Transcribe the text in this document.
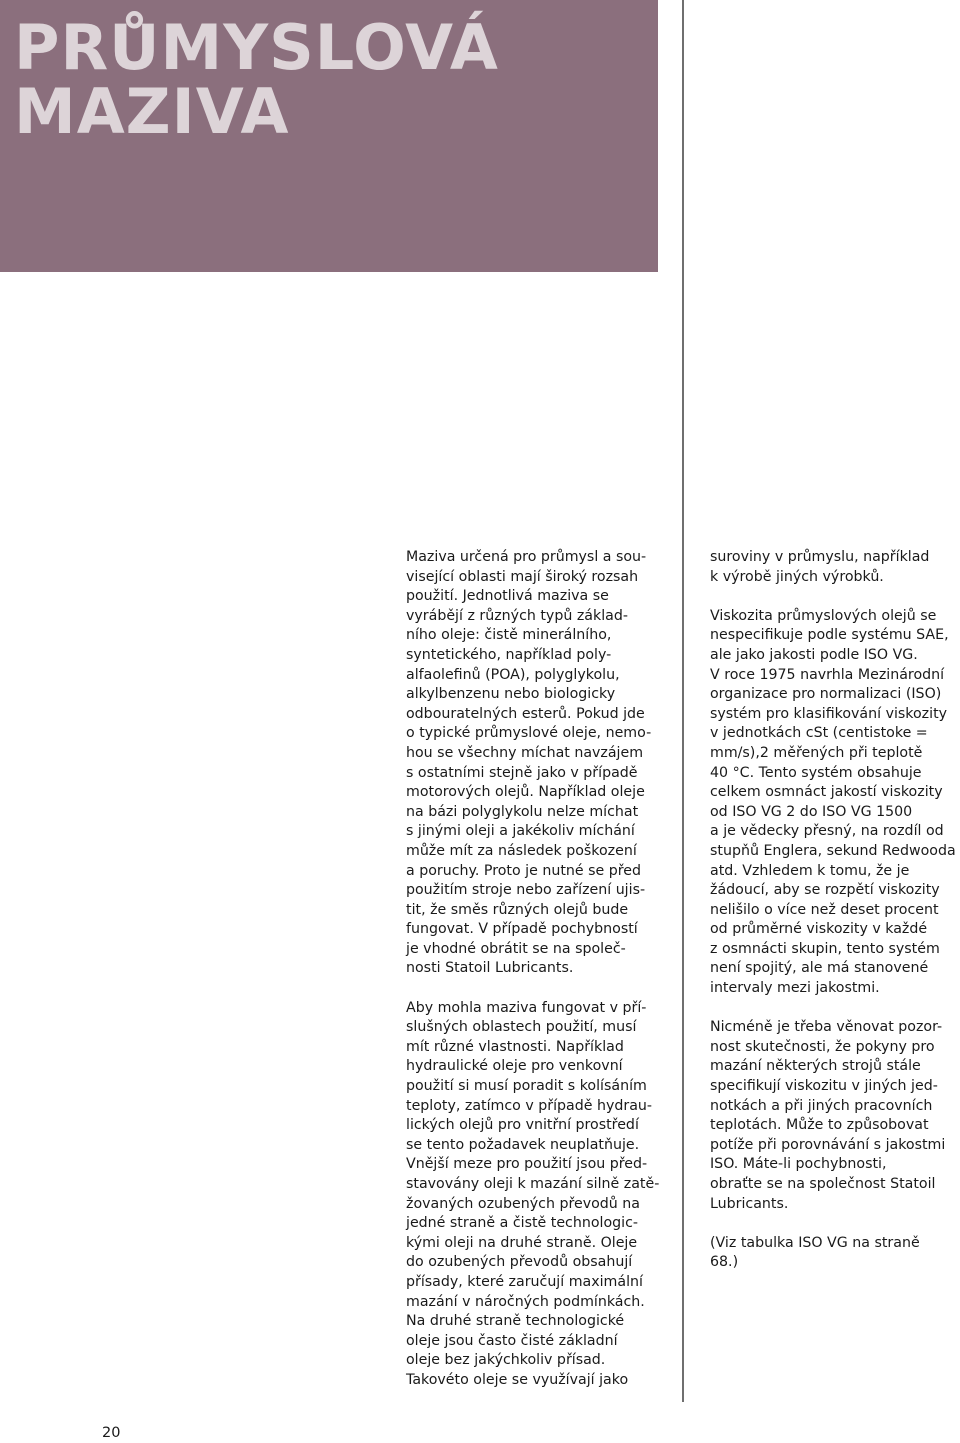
PRŮMYSLOVÁ
MAZIVA

Maziva určená pro průmysl a sou-
visející oblasti mají široký rozsah
použití. Jednotlivá maziva se
vyrábějí z různých typů základ-
ního oleje: čistě minerálního,
syntetického, například poly-
alfaolefinů (POA), polyglykolu,
alkylbenzenu nebo biologicky
odbouratelných esterů. Pokud jde
o typické průmyslové oleje, nemo-
hou se všechny míchat navzájem
s ostatními stejně jako v případě
motorových olejů. Například oleje
na bázi polyglykolu nelze míchat
s jinými oleji a jakékoliv míchání
může mít za následek poškození
a poruchy. Proto je nutné se před
použitím stroje nebo zařízení ujis-
tit, že směs různých olejů bude
fungovat. V případě pochybností
je vhodné obrátit se na společ-
nosti Statoil Lubricants.

Aby mohla maziva fungovat v pří-
slušných oblastech použití, musí
mít různé vlastnosti. Například
hydraulické oleje pro venkovní
použití si musí poradit s kolísáním
teploty, zatímco v případě hydrau-
lických olejů pro vnitřní prostředí
se tento požadavek neuplatňuje.
Vnější meze pro použití jsou před-
stavovány oleji k mazání silně zatě-
žovaných ozubených převodů na
jedné straně a čistě technologic-
kými oleji na druhé straně. Oleje
do ozubených převodů obsahují
přísady, které zaručují maximální
mazání v náročných podmínkách.
Na druhé straně technologické
oleje jsou často čisté základní
oleje bez jakýchkoliv přísad.
Takovéto oleje se využívají jako

suroviny v průmyslu, například
k výrobě jiných výrobků.

Viskozita průmyslových olejů se
nespecifikuje podle systému SAE,
ale jako jakosti podle ISO VG.
V roce 1975 navrhla Mezinárodní
organizace pro normalizaci (ISO)
systém pro klasifikování viskozity
v jednotkách cSt (centistoke =
mm/s),2 měřených při teplotě
40 °C. Tento systém obsahuje
celkem osmnáct jakostí viskozity
od ISO VG 2 do ISO VG 1500
a je vědecky přesný, na rozdíl od
stupňů Englera, sekund Redwooda
atd. Vzhledem k tomu, že je
žádoucí, aby se rozpětí viskozity
nelišilo o více než deset procent
od průměrné viskozity v každé
z osmnácti skupin, tento systém
není spojitý, ale má stanovené
intervaly mezi jakostmi.

Nicméně je třeba věnovat pozor-
nost skutečnosti, že pokyny pro
mazání některých strojů stále
specifikují viskozitu v jiných jed-
notkách a při jiných pracovních
teplotách. Může to způsobovat
potíže při porovnávání s jakostmi
ISO. Máte-li pochybnosti,
obraťte se na společnost Statoil
Lubricants.

(Viz tabulka ISO VG na straně
68.)

20
